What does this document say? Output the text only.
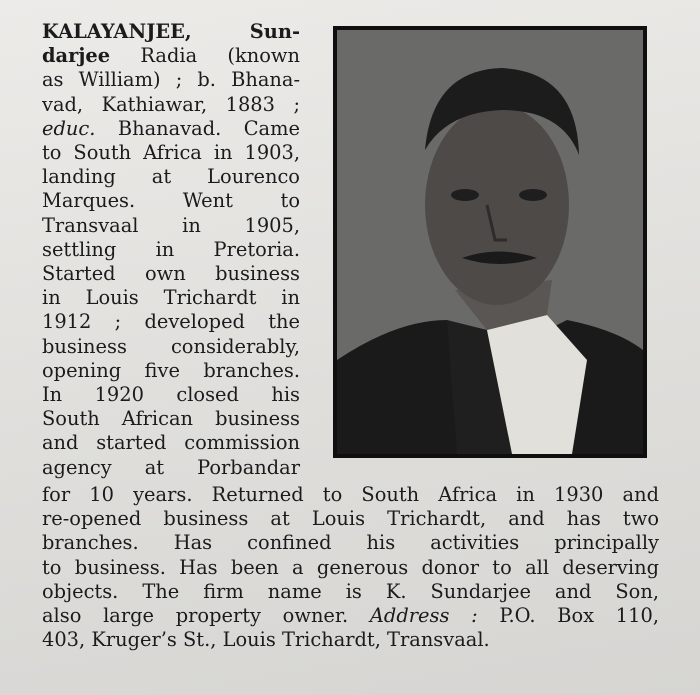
KALAYANJEE, Sun-
darjee Radia (known
as William) ; b. Bhana-
vad, Kathiawar, 1883 ;
educ. Bhanavad. Came
to South Africa in 1903,
landing at Lourenco
Marques. Went to
Transvaal in 1905,
settling in Pretoria.
Started own business
in Louis Trichardt in
1912 ; developed the
business considerably,
opening five branches.
In 1920 closed his
South African business
and started commission
agency at Porbandar
for 10 years. Returned to South Africa in 1930 and
re-opened business at Louis Trichardt, and has two
branches. Has confined his activities principally
to business. Has been a generous donor to all deserving
objects. The firm name is K. Sundarjee and Son,
also large property owner. Address : P.O. Box 110,
403, Kruger’s St., Louis Trichardt, Transvaal.
